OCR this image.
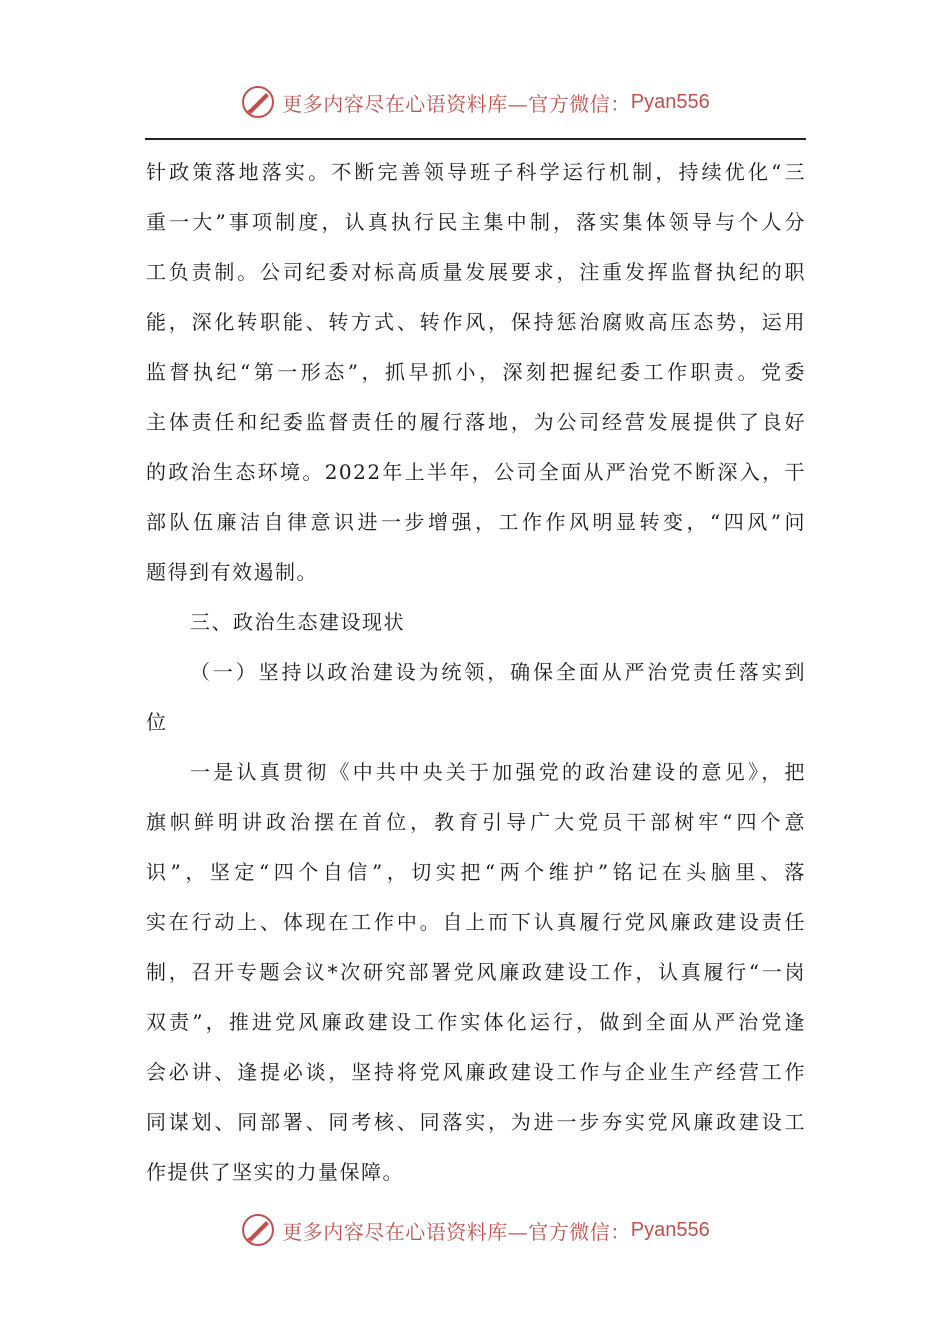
更多内容尽在心语资料库—官方微信： Pyan556
针政策落地落实。不断完善领导班子科学运行机制，持续优化“三
重一大”事项制度，认真执行民主集中制，落实集体领导与个人分
工负责制。公司纪委对标高质量发展要求，注重发挥监督执纪的职
能，深化转职能、转方式、转作风，保持惩治腐败高压态势，运用
监督执纪“第一形态”，抓早抓小，深刻把握纪委工作职责。党委
主体责任和纪委监督责任的履行落地，为公司经营发展提供了良好
的政治生态环境。2022年上半年，公司全面从严治党不断深入，干
部队伍廉洁自律意识进一步增强，工作作风明显转变，“四风”问
题得到有效遏制。
三、政治生态建设现状
（一）坚持以政治建设为统领，确保全面从严治党责任落实到
位
一是认真贯彻《中共中央关于加强党的政治建设的意见》，把
旗帜鲜明讲政治摆在首位，教育引导广大党员干部树牢“四个意
识”，坚定“四个自信”，切实把“两个维护”铭记在头脑里、落
实在行动上、体现在工作中。自上而下认真履行党风廉政建设责任
制，召开专题会议*次研究部署党风廉政建设工作，认真履行“一岗
双责”，推进党风廉政建设工作实体化运行，做到全面从严治党逢
会必讲、逢提必谈，坚持将党风廉政建设工作与企业生产经营工作
同谋划、同部署、同考核、同落实，为进一步夯实党风廉政建设工
作提供了坚实的力量保障。
更多内容尽在心语资料库—官方微信： Pyan556
